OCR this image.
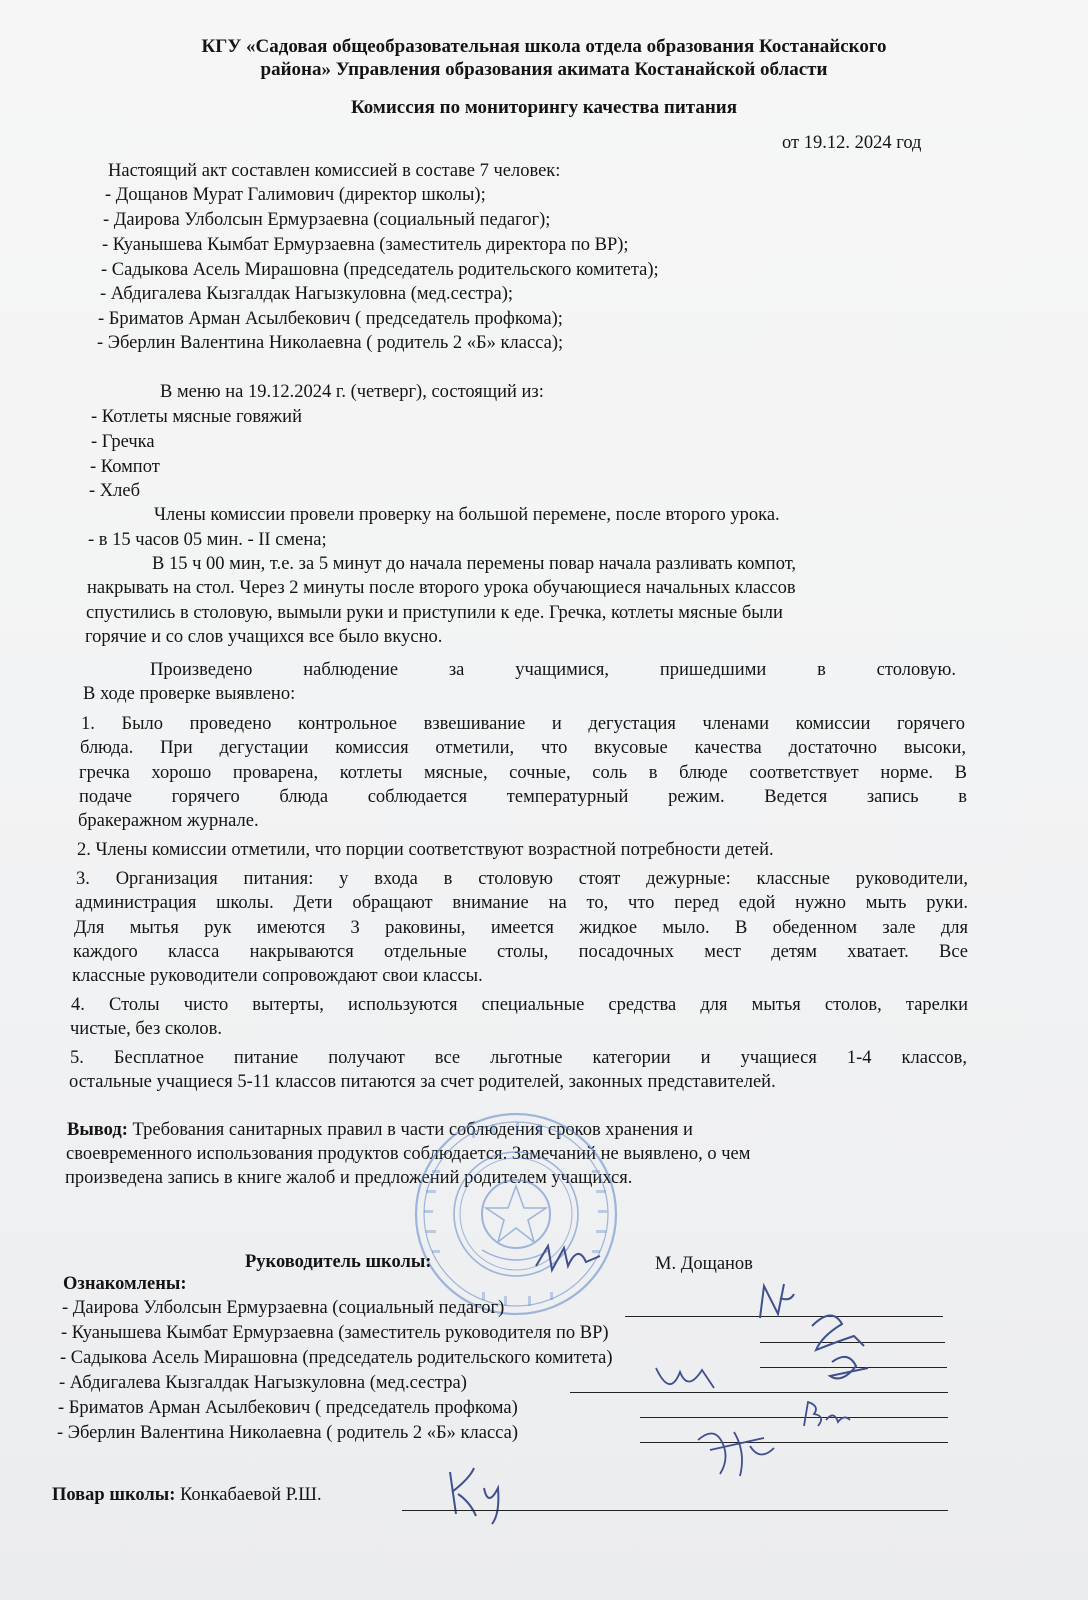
КГУ «Садовая общеобразовательная школа отдела образования Костанайского
района» Управления образования акимата Костанайской области
Комиссия по мониторингу качества питания
от 19.12. 2024 год
Настоящий акт составлен комиссией в составе 7 человек:
- Дощанов Мурат Галимович (директор школы);
- Даирова Улболсын Ермурзаевна (социальный педагог);
- Куанышева Кымбат Ермурзаевна (заместитель директора по ВР);
- Садыкова Асель Мирашовна (председатель родительского комитета);
- Абдигалева Кызгалдак Нагызкуловна (мед.сестра);
- Бриматов Арман Асылбекович ( председатель профкома);
- Эберлин Валентина Николаевна ( родитель 2 «Б» класса);
В меню на 19.12.2024 г. (четверг), состоящий из:
- Котлеты мясные говяжий
- Гречка
- Компот
- Хлеб
Члены комиссии провели проверку на большой перемене, после второго урока.
- в 15 часов 05 мин. - II смена;
В 15 ч 00 мин, т.е. за 5 минут до начала перемены повар начала разливать компот,
накрывать на стол. Через 2 минуты после второго урока обучающиеся начальных классов
спустились в столовую, вымыли руки и приступили к еде. Гречка, котлеты мясные были
горячие и со слов учащихся все было вкусно.
Произведено наблюдение за учащимися, пришедшими в столовую.
В ходе проверке выявлено:
1. Было проведено контрольное взвешивание и дегустация членами комиссии горячего
блюда. При дегустации комиссия отметили, что вкусовые качества достаточно высоки,
гречка хорошо проварена, котлеты мясные, сочные, соль в блюде соответствует норме. В
подаче горячего блюда соблюдается температурный режим. Ведется запись в
бракеражном журнале.
2. Члены комиссии отметили, что порции соответствуют возрастной потребности детей.
3. Организация питания: у входа в столовую стоят дежурные: классные руководители,
администрация школы. Дети обращают внимание на то, что перед едой нужно мыть руки.
Для мытья рук имеются 3 раковины, имеется жидкое мыло. В обеденном зале для
каждого класса накрываются отдельные столы, посадочных мест детям хватает. Все
классные руководители сопровождают свои классы.
4. Столы чисто вытерты, используются специальные средства для мытья столов, тарелки
чистые, без сколов.
5. Бесплатное питание получают все льготные категории и учащиеся 1-4 классов,
остальные учащиеся 5-11 классов питаются за счет родителей, законных представителей.
Вывод: Требования санитарных правил в части соблюдения сроков хранения и
своевременного использования продуктов соблюдается. Замечаний не выявлено, о чем
произведена запись в книге жалоб и предложений родителем учащихся.
Руководитель школы:	М. Дощанов
Ознакомлены:
- Даирова Улболсын Ермурзаевна (социальный педагог)
- Куанышева Кымбат Ермурзаевна (заместитель руководителя по ВР)
- Садыкова Асель Мирашовна (председатель родительского комитета)
- Абдигалева Кызгалдак Нагызкуловна (мед.сестра)
- Бриматов Арман Асылбекович ( председатель профкома)
- Эберлин Валентина Николаевна ( родитель 2 «Б» класса)
Повар школы: Конкабаевой Р.Ш.
